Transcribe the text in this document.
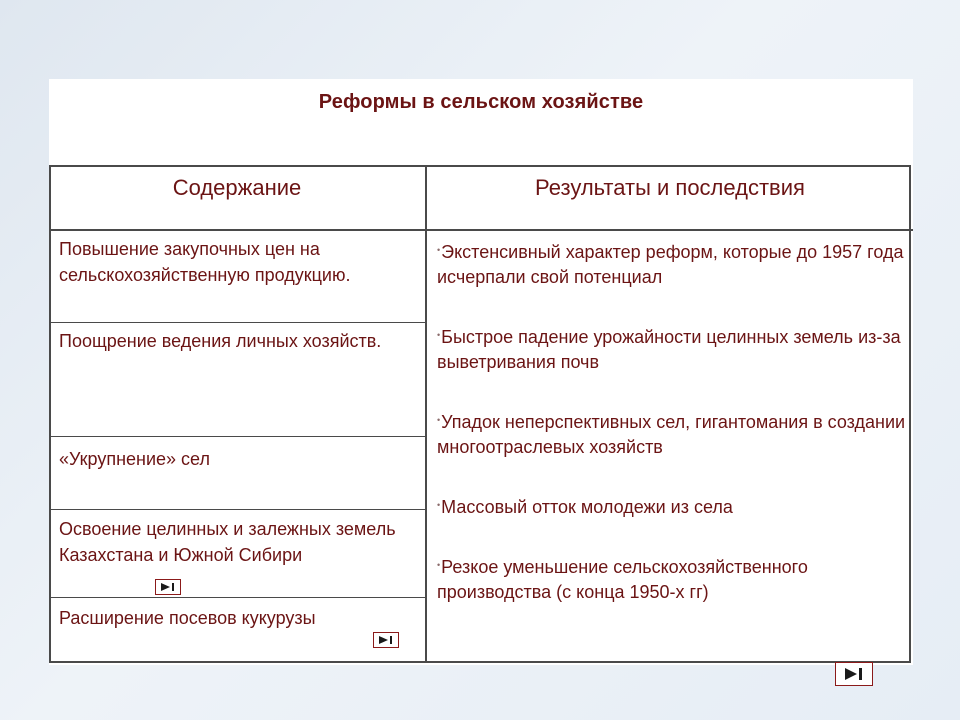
Реформы в сельском хозяйстве
Содержание	Результаты и последствия
Повышение закупочных цен на сельскохозяйственную продукцию.
Поощрение ведения личных хозяйств.
«Укрупнение» сел
Освоение целинных и залежных земель Казахстана и Южной Сибири
Расширение посевов кукурузы
•Экстенсивный характер реформ, которые до 1957 года исчерпали свой потенциал
•Быстрое падение урожайности целинных земель из-за выветривания почв
•Упадок неперспективных сел, гигантомания в создании многоотраслевых хозяйств
•Массовый отток молодежи из села
•Резкое уменьшение сельскохозяйственного производства (с конца 1950-х гг)
